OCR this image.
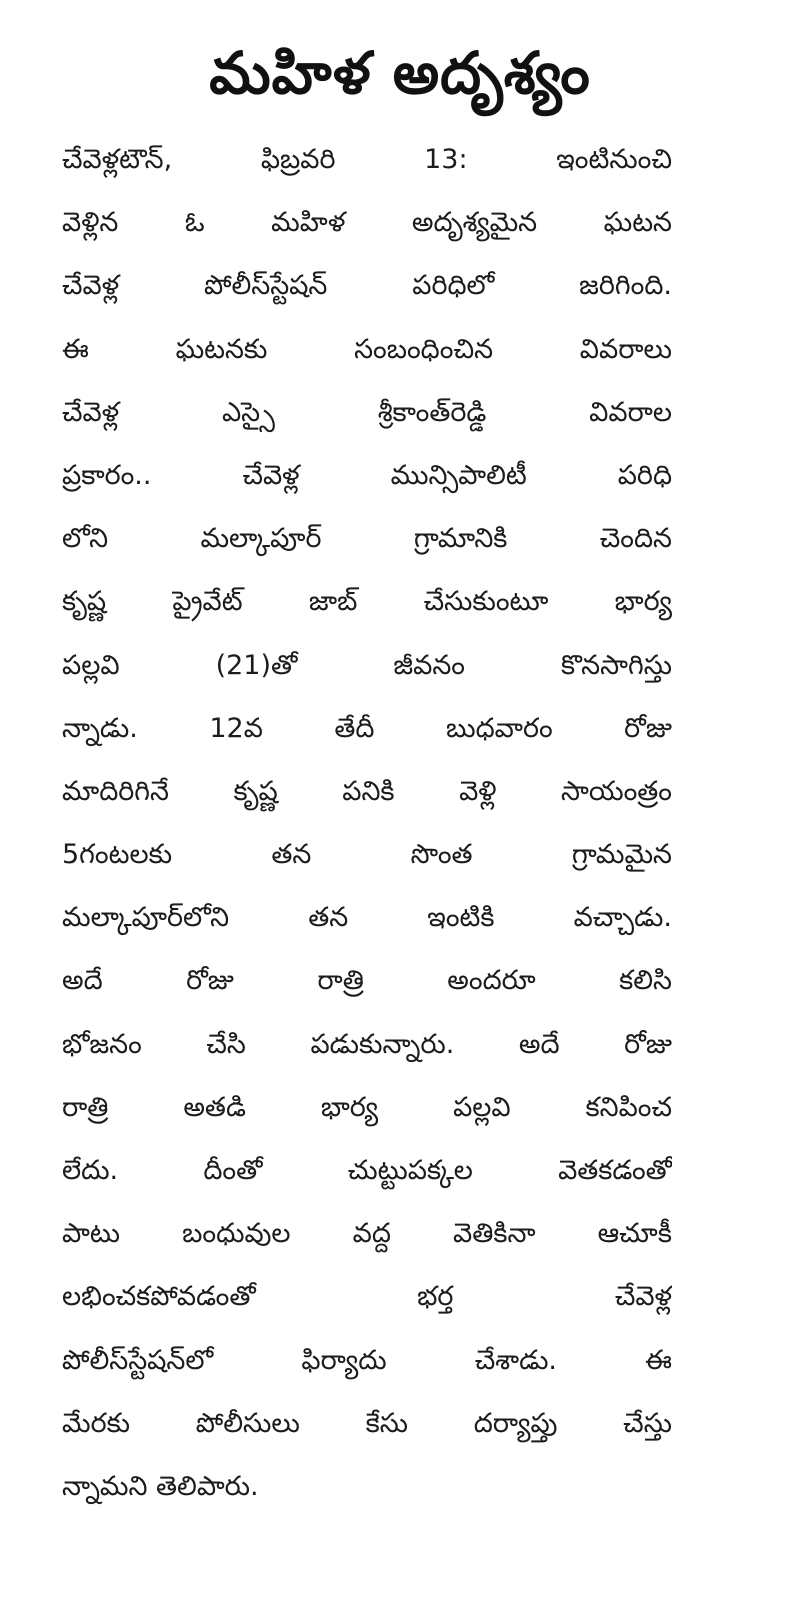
మహిళ అదృశ్యం
చేవెళ్లటౌన్, ఫిబ్రవరి 13: ఇంటినుంచి
వెళ్లిన ఓ మహిళ అదృశ్యమైన ఘటన
చేవెళ్ల పోలీస్‌స్టేషన్ పరిధిలో జరిగింది.
ఈ ఘటనకు సంబంధించిన వివరాలు
చేవెళ్ల ఎస్సై శ్రీకాంత్‌రెడ్డి వివరాల
ప్రకారం.. చేవెళ్ల మున్సిపాలిటీ పరిధి
లోని మల్కాపూర్ గ్రామానికి చెందిన
కృష్ణ ప్రైవేట్ జాబ్ చేసుకుంటూ భార్య
పల్లవి (21)తో జీవనం కొనసాగిస్తు
న్నాడు. 12వ తేదీ బుధవారం రోజు
మాదిరిగినే కృష్ణ పనికి వెళ్లి సాయంత్రం
5గంటలకు తన సొంత గ్రామమైన
మల్కాపూర్‌లోని తన ఇంటికి వచ్చాడు.
అదే రోజు రాత్రి అందరూ కలిసి
భోజనం చేసి పడుకున్నారు. అదే రోజు
రాత్రి అతడి భార్య పల్లవి కనిపించ
లేదు. దీంతో చుట్టుపక్కల వెతకడంతో
పాటు బంధువుల వద్ద వెతికినా ఆచూకీ
లభించకపోవడంతో భర్త చేవెళ్ల
పోలీస్‌స్టేషన్‌లో ఫిర్యాదు చేశాడు. ఈ
మేరకు పోలీసులు కేసు దర్యాప్తు చేస్తు
న్నామని తెలిపారు.
